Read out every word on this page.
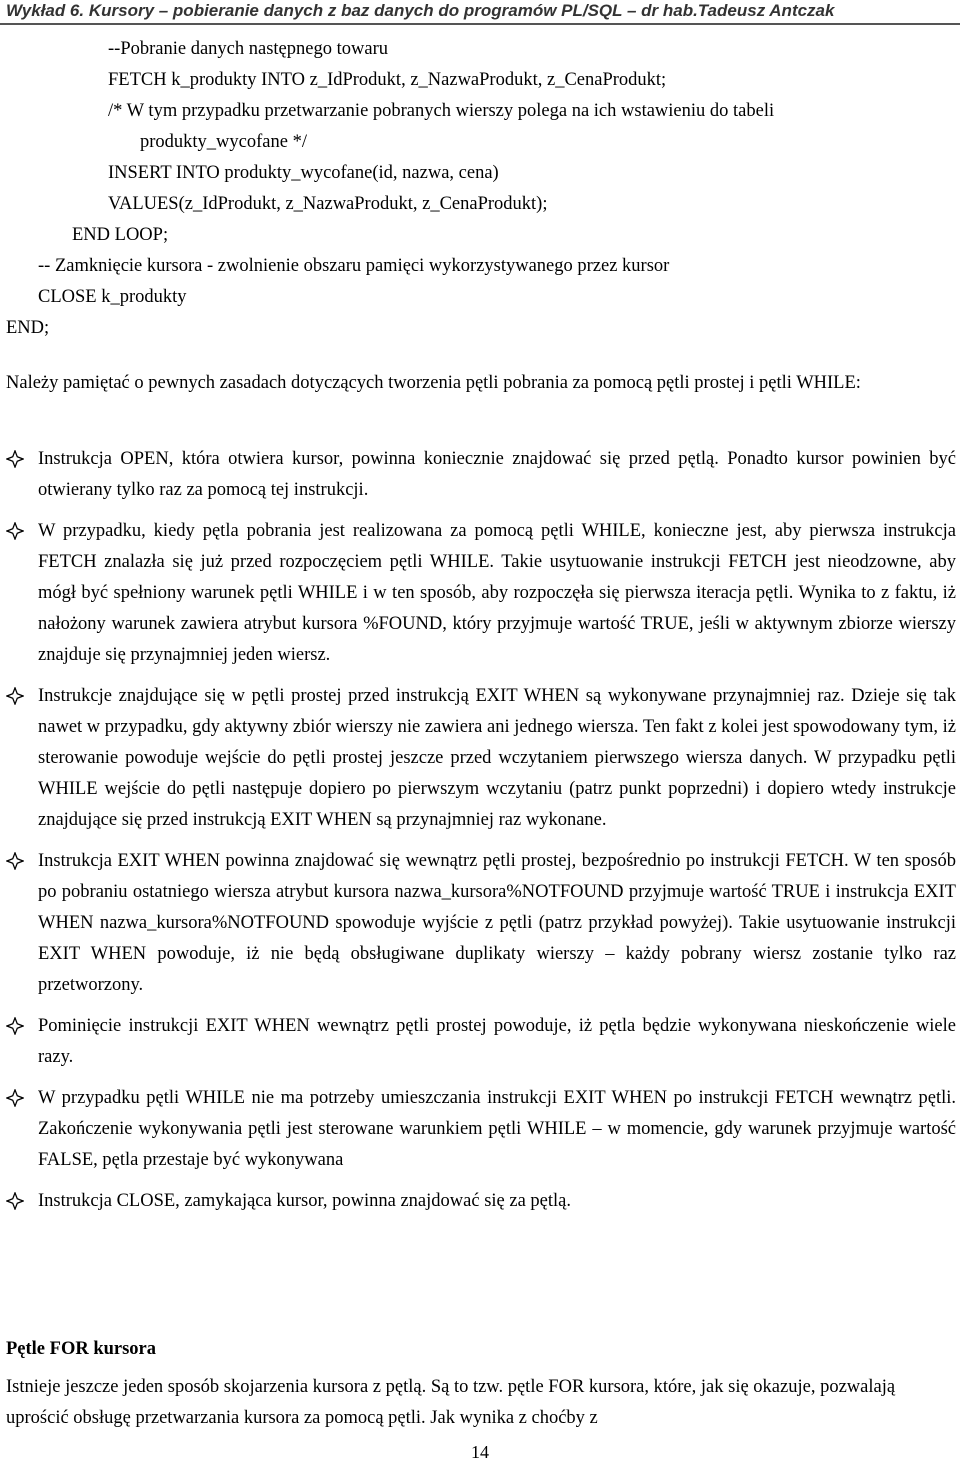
Wykład 6. Kursory – pobieranie danych z baz danych do programów PL/SQL – dr hab.Tadeusz Antczak
--Pobranie danych następnego towaru
FETCH k_produkty INTO z_IdProdukt, z_NazwaProdukt, z_CenaProdukt;
/* W tym przypadku przetwarzanie pobranych wierszy polega na ich wstawieniu do tabeli
produkty_wycofane */
INSERT INTO produkty_wycofane(id, nazwa, cena)
VALUES(z_IdProdukt, z_NazwaProdukt, z_CenaProdukt);
END LOOP;
-- Zamknięcie kursora - zwolnienie obszaru pamięci wykorzystywanego przez kursor
CLOSE k_produkty
END;
Należy pamiętać o pewnych zasadach dotyczących tworzenia pętli pobrania za pomocą pętli prostej i pętli WHILE:
Instrukcja OPEN, która otwiera kursor, powinna koniecznie znajdować się przed pętlą. Ponadto kursor powinien być otwierany tylko raz za pomocą tej instrukcji.
W przypadku, kiedy pętla pobrania jest realizowana za pomocą pętli WHILE, konieczne jest, aby pierwsza instrukcja FETCH znalazła się już przed rozpoczęciem pętli WHILE. Takie usytuowanie instrukcji FETCH jest nieodzowne, aby mógł być spełniony warunek pętli WHILE i w ten sposób, aby rozpoczęła się pierwsza iteracja pętli. Wynika to z faktu, iż nałożony warunek zawiera atrybut kursora %FOUND, który przyjmuje wartość TRUE, jeśli w aktywnym zbiorze wierszy znajduje się przynajmniej jeden wiersz.
Instrukcje znajdujące się w pętli prostej przed instrukcją EXIT WHEN są wykonywane przynajmniej raz. Dzieje się tak nawet w przypadku, gdy aktywny zbiór wierszy nie zawiera ani jednego wiersza. Ten fakt z kolei jest spowodowany tym, iż sterowanie powoduje wejście do pętli prostej jeszcze przed wczytaniem pierwszego wiersza danych. W przypadku pętli WHILE wejście do pętli następuje dopiero po pierwszym wczytaniu (patrz punkt poprzedni) i dopiero wtedy instrukcje znajdujące się przed instrukcją EXIT WHEN są przynajmniej raz wykonane.
Instrukcja EXIT WHEN powinna znajdować się wewnątrz pętli prostej, bezpośrednio po instrukcji FETCH. W ten sposób po pobraniu ostatniego wiersza atrybut kursora nazwa_kursora%NOTFOUND przyjmuje wartość TRUE i instrukcja EXIT WHEN nazwa_kursora%NOTFOUND spowoduje wyjście z pętli (patrz przykład powyżej). Takie usytuowanie instrukcji EXIT WHEN powoduje, iż nie będą obsługiwane duplikaty wierszy – każdy pobrany wiersz zostanie tylko raz przetworzony.
Pominięcie instrukcji EXIT WHEN wewnątrz pętli prostej powoduje, iż pętla będzie wykonywana nieskończenie wiele razy.
W przypadku pętli WHILE nie ma potrzeby umieszczania instrukcji EXIT WHEN po instrukcji FETCH wewnątrz pętli. Zakończenie wykonywania pętli jest sterowane warunkiem pętli WHILE – w momencie, gdy warunek przyjmuje wartość FALSE, pętla przestaje być wykonywana
Instrukcja CLOSE, zamykająca kursor, powinna znajdować się za pętlą.
Pętle FOR kursora
Istnieje jeszcze jeden sposób skojarzenia kursora z pętlą. Są to tzw. pętle FOR kursora, które, jak się okazuje, pozwalają uprościć obsługę przetwarzania kursora za pomocą pętli. Jak wynika z choćby z
14
